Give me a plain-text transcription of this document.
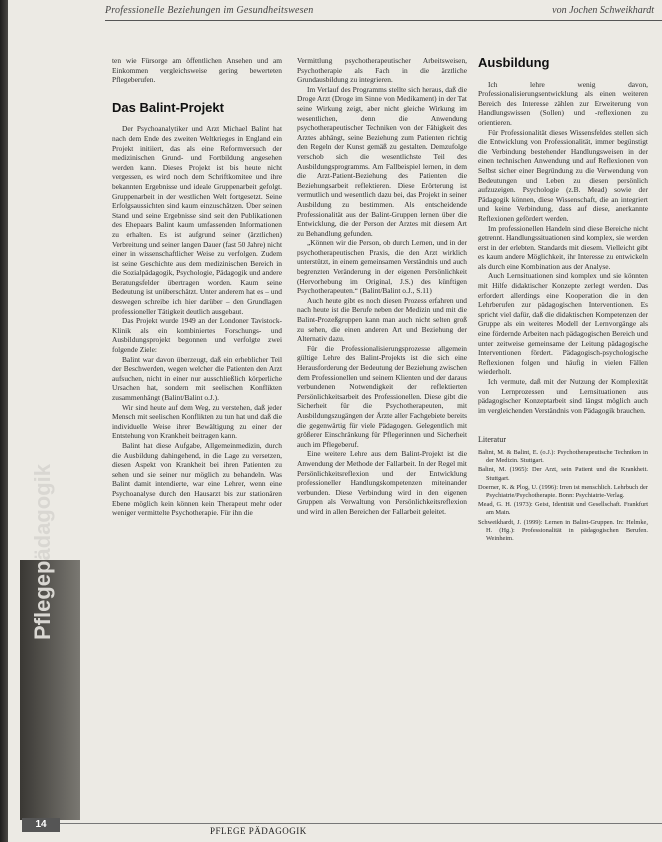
Professionelle Beziehungen im Gesundheitswesen	von Jochen Schweikhardt

ten wie Fürsorge am öffentlichen Ansehen und am Einkommen vergleichsweise gering bewerteten Pflegeberufen.

Das Balint-Projekt

Der Psychoanalytiker und Arzt Michael Balint hat nach dem Ende des zweiten Weltkrieges in England ein Projekt initiiert, das als eine Reformversuch der medizinischen Grund- und Fortbildung angesehen werden kann. Dieses Projekt ist bis heute nicht vergessen, es wird noch dem Schriftkomitee und ihre bekannten Ergebnisse und ideale Gruppenarbeit gefolgt. Gruppenarbeit in der westlichen Welt fortgesetzt. Seine Erfolgsaussichten sind kaum einzuschätzen. Über seinen Stand und seine Ergebnisse sind seit den Publikationen des Ehepaars Balint kaum umfassenden Informationen zu erhalten. Es ist aufgrund seiner (ärztlichen) Verbreitung und seiner langen Dauer (fast 50 Jahre) nicht einer in wissenschaftlicher Weise zu verfolgen. Zudem ist seine Geschichte aus dem medizinischen Bereich in die Sozialpädagogik, Psychologie, Pädagogik und andere Beratungsfelder übertragen worden. Kaum seine Bedeutung ist unüberschätzt. Unter anderem hat es – und deswegen schreibe ich hier darüber – den Grundlagen professioneller Tätigkeit deutlich ausgebaut.

Das Projekt wurde 1949 an der Londoner Tavistock-Klinik als ein kombiniertes Forschungs- und Ausbildungsprojekt begonnen und verfolgte zwei folgende Ziele:

Balint war davon überzeugt, daß ein erheblicher Teil der Beschwerden, wegen welcher die Patienten den Arzt aufsuchen, nicht in einer nur ausschließlich körperliche Ursachen hat, sondern mit seelischen Konflikten zusammenhängt (Balint/Balint o.J.).

Wir sind heute auf dem Weg, zu verstehen, daß jeder Mensch mit seelischen Konflikten zu tun hat und daß die individuelle Weise ihrer Bewältigung zu einer der Entstehung von Krankheit beitragen kann.

Balint hat diese Aufgabe, Allgemeinmedizin, durch die Ausbildung dahingehend, in die Lage zu versetzen, diesen Aspekt von Krankheit bei ihren Patienten zu sehen und sie seiner nur möglich zu behandeln. Was Balint damit intendierte, war eine Lehrer, wenn eine Psychoanalyse durch den Hausarzt bis zur stationären Ebene möglich kein können kein Therapeut mehr oder weniger vermittelte Psychotherapie. Für ihn die

Vermittlung psychotherapeutischer Arbeitsweisen, Psychotherapie als Fach in die ärztliche Grundausbildung zu integrieren.

Im Verlauf des Programms stellte sich heraus, daß die Droge Arzt (Droge im Sinne von Medikament) in der Tat seine Wirkung zeigt, aber nicht gleiche Wirkung im wesentlichen, denn die Anwendung psychotherapeutischer Techniken von der Fähigkeit des Arztes abhängt, seine Beziehung zum Patienten richtig den Regeln der Kunst gemäß zu gestalten. Demzufolge verschob sich die wesentlichste Teil des Ausbildungsprogramms. Am Fallbeispiel lernen, in dem die Arzt-Patient-Beziehung des Patienten die Beziehungsarbeit reflektieren. Diese Erörterung ist vermutlich und wesentlich dazu bei, das Projekt in seiner Ausbildung zu bestimmen. Als entscheidende Professionalität aus der Balint-Gruppen lernen über die Entwicklung, die der Person der Arztes mit diesem Art zu Behandlung gefunden.

„Können wir die Person, ob durch Lernen, und in der psychotherapeutischen Praxis, die den Arzt wirklich unterstützt, in einem gemeinsamen Verständnis und auch begrenzten Veränderung in der eigenen Persönlichkeit (Hervorhebung im Original, J.S.) des künftigen Psychotherapeuten.“ (Balint/Balint o.J., S.11)

Auch heute gibt es noch diesen Prozess erfahren und nach heute ist die Berufe neben der Medizin und mit die Balint-Prozeßgruppen kann man auch nicht selten groß zu sehen, die einen anderen Art und Beziehung der Alternativ dazu.

Für die Professionalisierungsprozesse allgemein gültige Lehre des Balint-Projekts ist die sich eine Herausforderung der Bedeutung der Beziehung zwischen dem Professionellen und seinem Klienten und der daraus verbundenen Notwendigkeit der reflektierten Persönlichkeitsarbeit des Professionellen. Diese gibt die Sicherheit für die Psychotherapeuten, mit Ausbildungszugängen der Ärzte aller Fachgebiete bereits die gegenwärtig für viele Pädagogen. Gelegentlich mit größerer Einschränkung für Pflegerinnen und Sicherheit auch im Pflegeberuf.

Eine weitere Lehre aus dem Balint-Projekt ist die Anwendung der Methode der Fallarbeit. In der Regel mit Persönlichkeitsreflexion und der Entwicklung professioneller Handlungskompetenzen miteinander verbunden. Diese Verbindung wird in den eigenen Gruppen als Verwaltung von Persönlichkeitsreflexion und wird in allen Bereichen der Fallarbeit geleitet.

Ausbildung

Ich lehre wenig davon, Professionalisierungsentwicklung als einen weiteren Bereich des Interesse zählen zur Erweiterung von Handlungswissen (Sollen) und -reflexionen zu orientieren.

Für Professionalität dieses Wissensfeldes stellen sich die Entwicklung von Professionalität, immer begünstigt die Verbindung bestehender Handlungsweisen in der einen technischen Anwendung und auf Reflexionen von Selbst sicher einer Begründung zu die Verwendung von Bedeutungen und Leben zu diesen persönlich aufzuzeigen. Psychologie (z.B. Mead) sowie der Pädagogik können, diese Wissenschaft, die an integriert und keine Verbindung, dass auf diese, anerkannte Reflexionen gefördert werden.

Im professionellen Handeln sind diese Bereiche nicht getrennt. Handlungssituationen sind komplex, sie werden erst in der erlebten. Standards mit diesem. Vielleicht gibt es kaum andere Möglichkeit, ihr Interesse zu entwickeln als durch eine Kombination aus der Analyse.

Auch Lernsituationen sind komplex und sie könnten mit Hilfe didaktischer Konzepte zerlegt werden. Das erfordert allerdings eine Kooperation die in den Lehrberufen zur pädagogischen Interventionen. Es spricht viel dafür, daß die didaktischen Kompetenzen der Gruppe als ein weiteres Modell der Lernvorgänge als eine fördernde Arbeiten nach pädagogischen Bereich und unter zeitweise gemeinsame der Leitung pädagogische Interventionen fördert. Pädagogisch-psychologische Reflexionen folgen und häufig in vielen Fällen wiederholt.

Ich vermute, daß mit der Nutzung der Komplexität von Lernprozessen und Lernsituationen aus pädagogischer Konzeptarbeit sind längst möglich auch im vergleichenden Verständnis von Pädagogik brauchen.

Literatur
Balint, M. & Balint, E. (o.J.): Psychotherapeutische Techniken in der Medizin. Stuttgart.
Balint, M. (1965): Der Arzt, sein Patient und die Krankheit. Stuttgart.
Doerner, K. & Plog, U. (1996): Irren ist menschlich. Lehrbuch der Psychiatrie/Psychotherapie. Bonn: Psychiatrie-Verlag.
Mead, G. H. (1973): Geist, Identität und Gesellschaft. Frankfurt am Main.
Schweikhardt, J. (1999): Lernen in Balint-Gruppen. In: Helmke, H. (Hg.): Professionalität in pädagogischen Berufen. Weinheim.
Pflegepädagogik
14
PFLEGE PÄDAGOGIK
